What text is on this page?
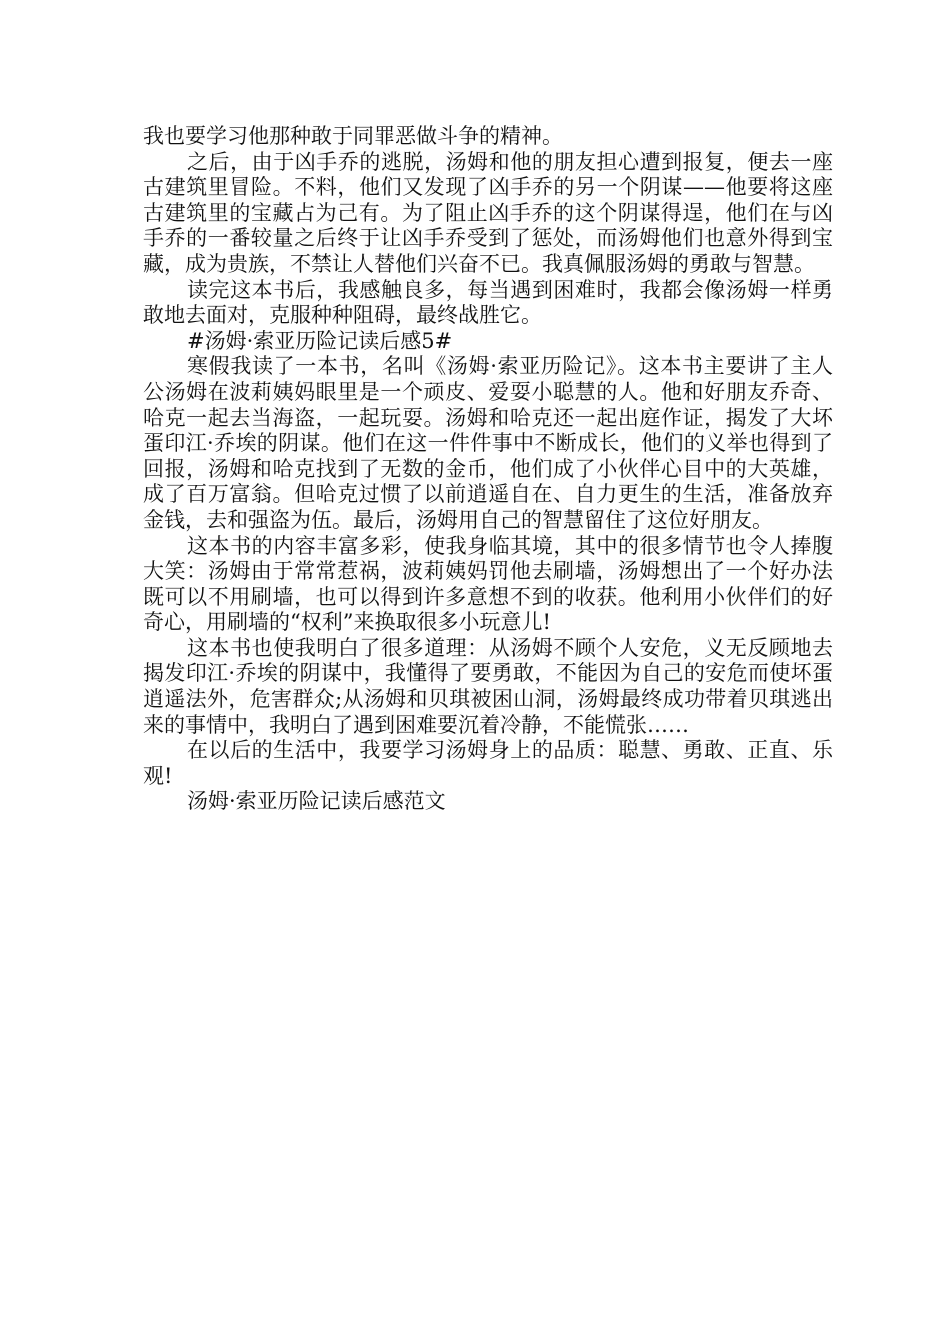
我也要学习他那种敢于同罪恶做斗争的精神。

之后，由于凶手乔的逃脱，汤姆和他的朋友担心遭到报复，便去一座古建筑里冒险。不料，他们又发现了凶手乔的另一个阴谋——他要将这座古建筑里的宝藏占为己有。为了阻止凶手乔的这个阴谋得逞，他们在与凶手乔的一番较量之后终于让凶手乔受到了惩处，而汤姆他们也意外得到宝藏，成为贵族，不禁让人替他们兴奋不已。我真佩服汤姆的勇敢与智慧。

读完这本书后，我感触良多，每当遇到困难时，我都会像汤姆一样勇敢地去面对，克服种种阻碍，最终战胜它。

#汤姆·索亚历险记读后感5#

寒假我读了一本书，名叫《汤姆·索亚历险记》。这本书主要讲了主人公汤姆在波莉姨妈眼里是一个顽皮、爱耍小聪慧的人。他和好朋友乔奇、哈克一起去当海盗，一起玩耍。汤姆和哈克还一起出庭作证，揭发了大坏蛋印江·乔埃的阴谋。他们在这一件件事中不断成长，他们的义举也得到了回报，汤姆和哈克找到了无数的金币，他们成了小伙伴心目中的大英雄，成了百万富翁。但哈克过惯了以前逍遥自在、自力更生的生活，准备放弃金钱，去和强盗为伍。最后，汤姆用自己的智慧留住了这位好朋友。

这本书的内容丰富多彩，使我身临其境，其中的很多情节也令人捧腹大笑：汤姆由于常常惹祸，波莉姨妈罚他去刷墙，汤姆想出了一个好办法既可以不用刷墙，也可以得到许多意想不到的收获。他利用小伙伴们的好奇心，用刷墙的“权利”来换取很多小玩意儿!

这本书也使我明白了很多道理：从汤姆不顾个人安危，义无反顾地去揭发印江·乔埃的阴谋中，我懂得了要勇敢，不能因为自己的安危而使坏蛋逍遥法外，危害群众;从汤姆和贝琪被困山洞，汤姆最终成功带着贝琪逃出来的事情中，我明白了遇到困难要沉着冷静，不能慌张……

在以后的生活中，我要学习汤姆身上的品质：聪慧、勇敢、正直、乐观!

汤姆·索亚历险记读后感范文
